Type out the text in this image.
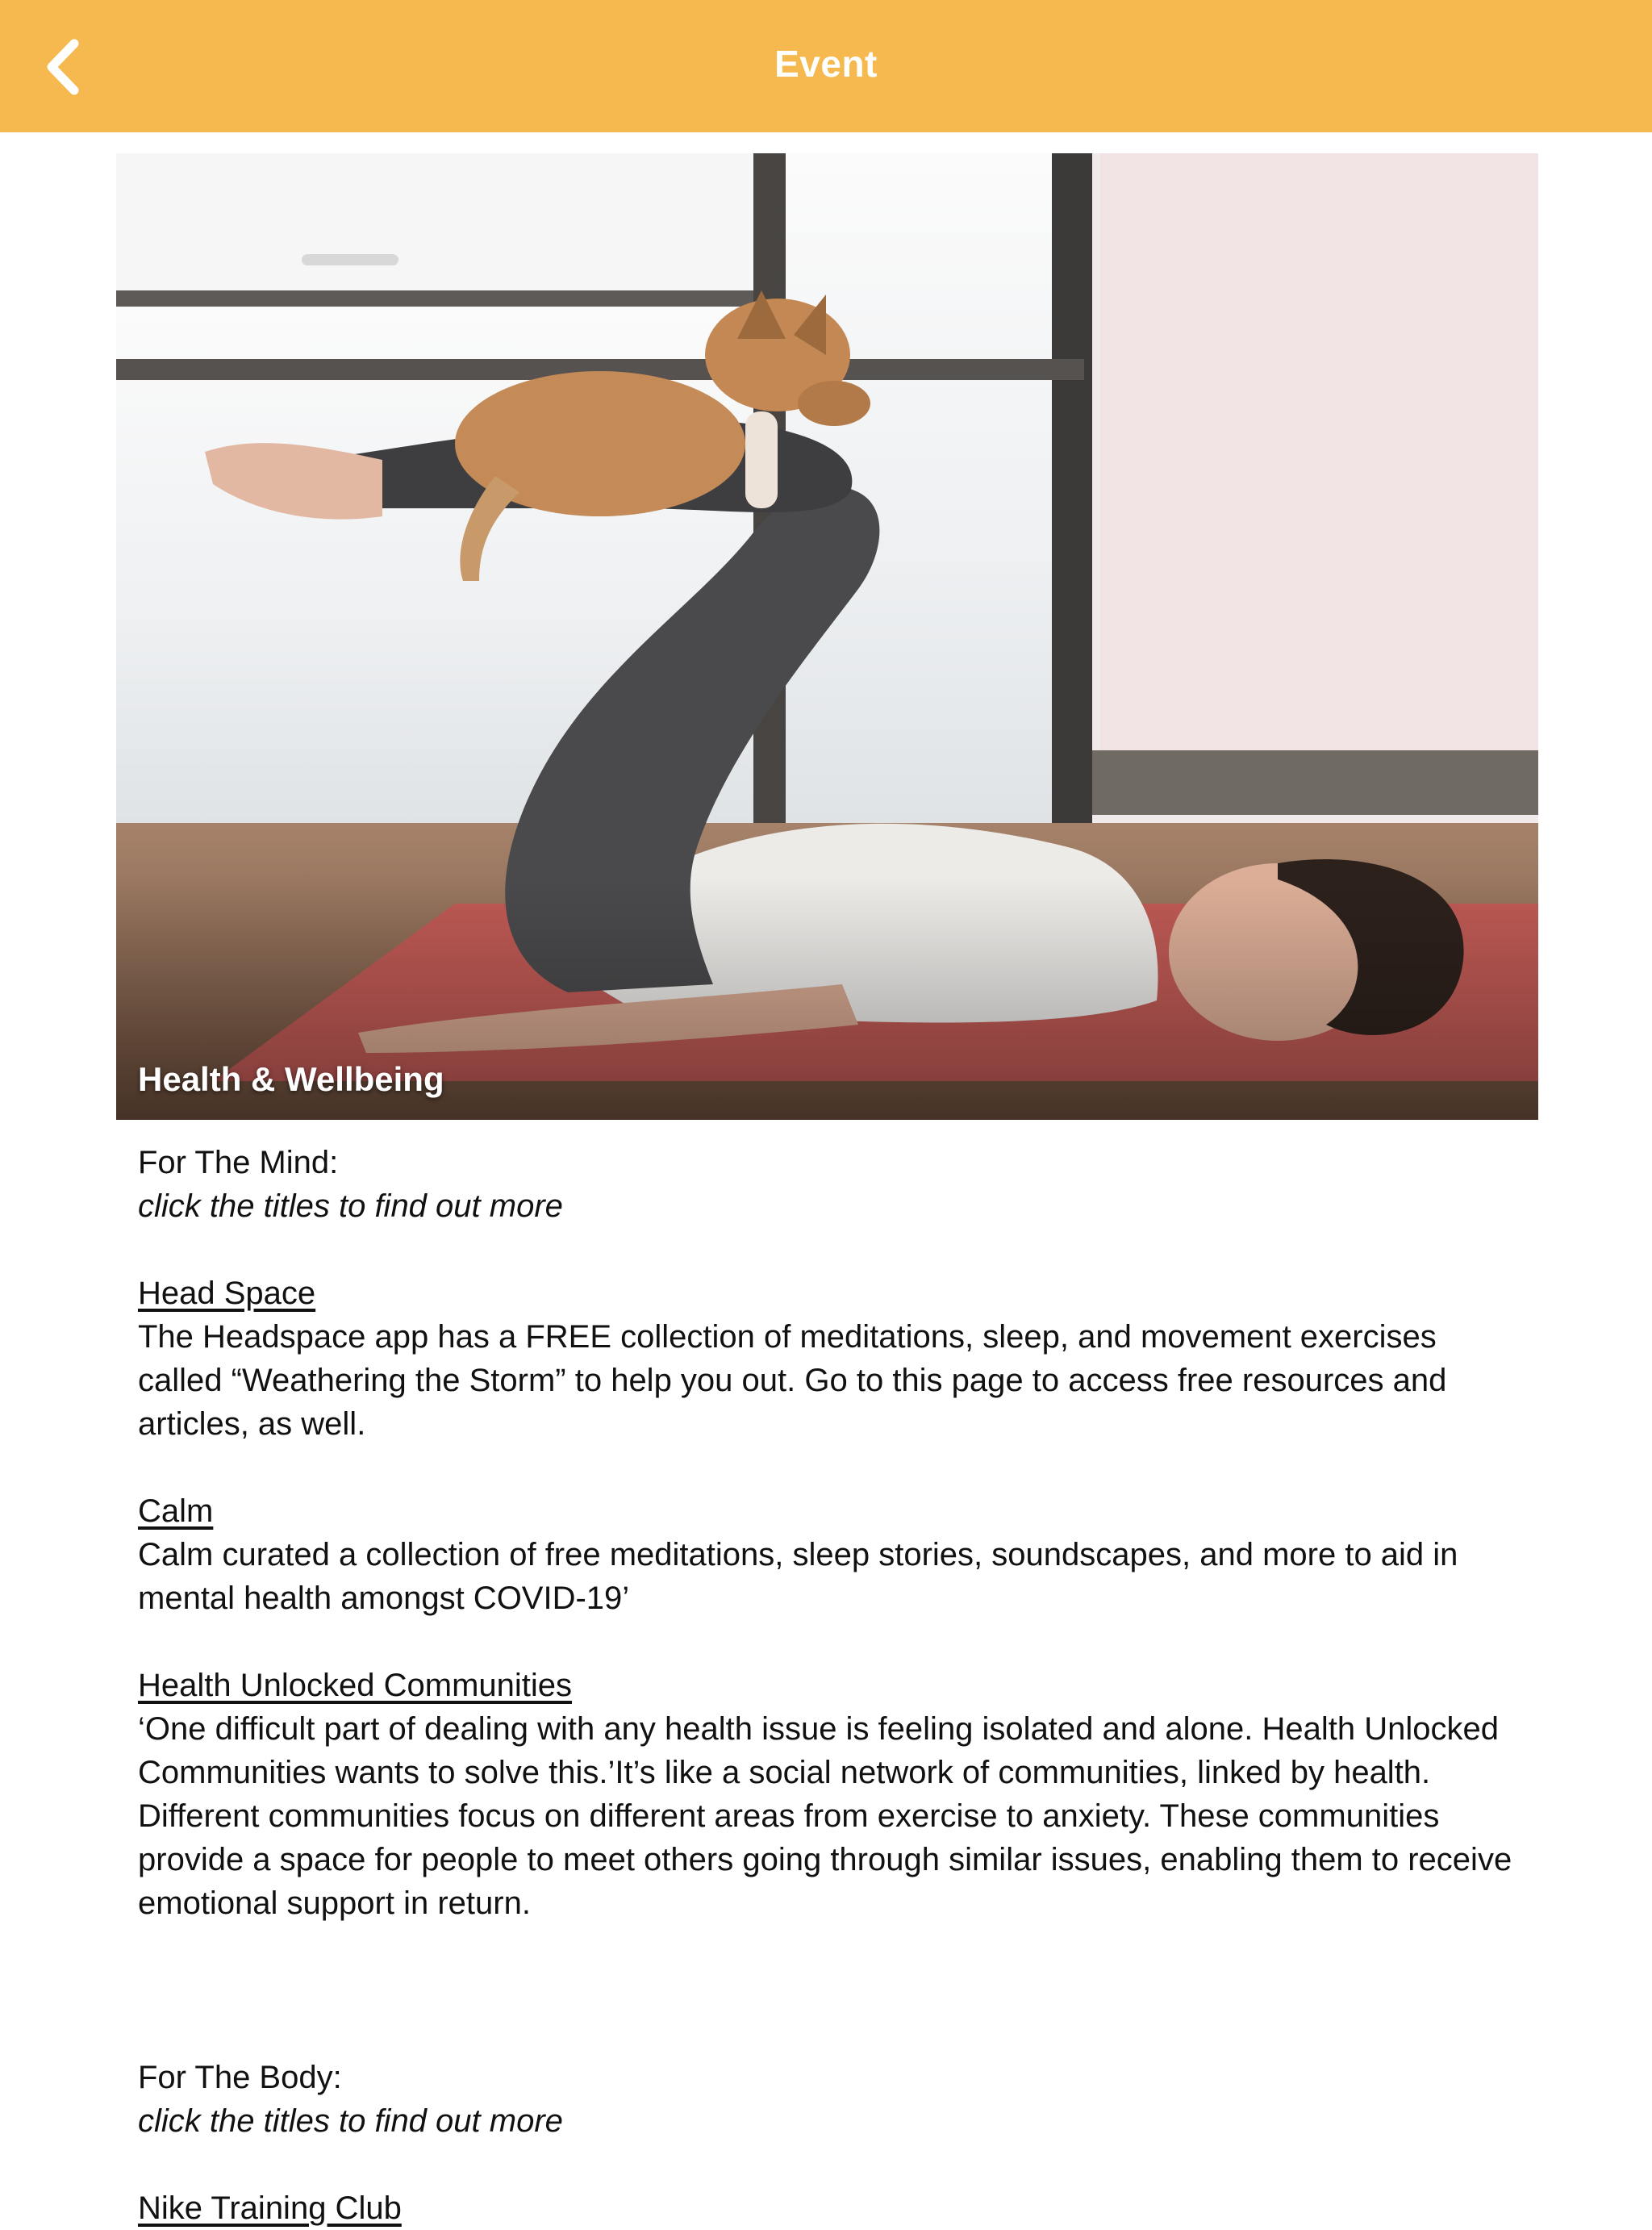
Event
Health & Wellbeing

For The Mind:

click the titles to find out more

Head Space

The Headspace app has a FREE collection of meditations, sleep, and movement exercises called “Weathering the Storm” to help you out. Go to this page to access free resources and articles, as well.

Calm

Calm curated a collection of free meditations, sleep stories, soundscapes, and more to aid in mental health amongst COVID-19’

Health Unlocked Communities

‘One difficult part of dealing with any health issue is feeling isolated and alone. Health Unlocked Communities wants to solve this.’It’s like a social network of communities, linked by health. Different communities focus on different areas from exercise to anxiety. These communities provide a space for people to meet others going through similar issues, enabling them to receive emotional support in return.

For The Body:

click the titles to find out more

Nike Training Club
